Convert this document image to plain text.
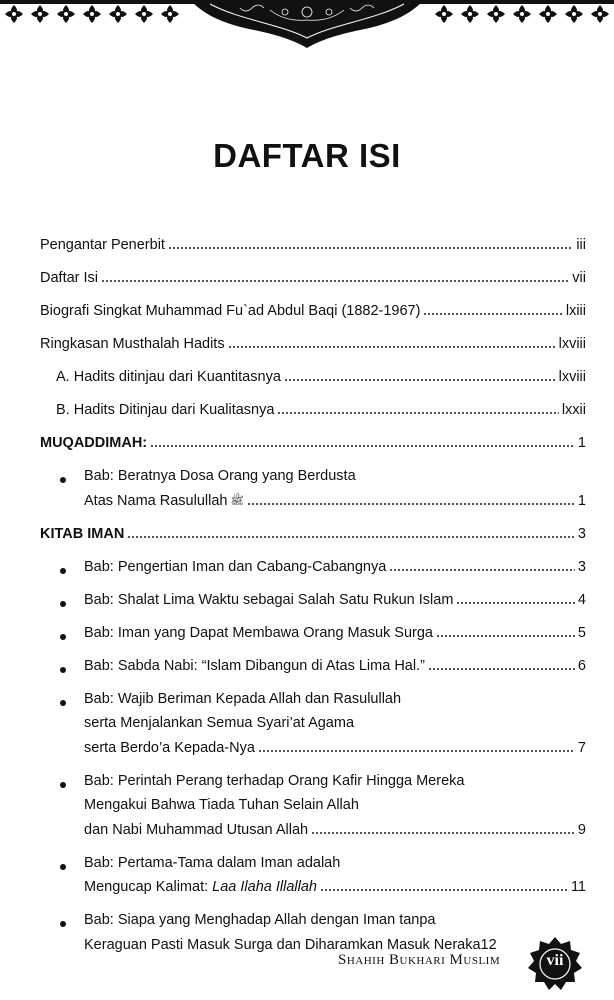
DAFTAR ISI
Pengantar Penerbit	iii
Daftar Isi	vii
Biografi Singkat Muhammad Fu`ad Abdul Baqi (1882-1967)	lxiii
Ringkasan Musthalah Hadits	lxviii
A. Hadits ditinjau dari Kuantitasnya	lxviii
B. Hadits Ditinjau dari Kualitasnya	lxxii
MUQADDIMAH:	1
Bab: Beratnya Dosa Orang yang Berdusta
Atas Nama Rasulullah ﷺ	1
KITAB IMAN	3
Bab: Pengertian Iman dan Cabang-Cabangnya	3
Bab: Shalat Lima Waktu sebagai Salah Satu Rukun Islam	4
Bab: Iman yang Dapat Membawa Orang Masuk Surga	5
Bab: Sabda Nabi: “Islam Dibangun di Atas Lima Hal.”	6
Bab: Wajib Beriman Kepada Allah dan Rasulullah
serta Menjalankan Semua Syari’at Agama
serta Berdo’a Kepada-Nya	7
Bab: Perintah Perang terhadap Orang Kafir Hingga Mereka
Mengakui Bahwa Tiada Tuhan Selain Allah
dan Nabi Muhammad Utusan Allah	9
Bab: Pertama-Tama dalam Iman adalah
Mengucap Kalimat: Laa Ilaha Illallah	11
Bab: Siapa yang Menghadap Allah dengan Iman tanpa
Keraguan Pasti Masuk Surga dan Diharamkan Masuk Neraka 12
Shahih Bukhari Muslim	vii
